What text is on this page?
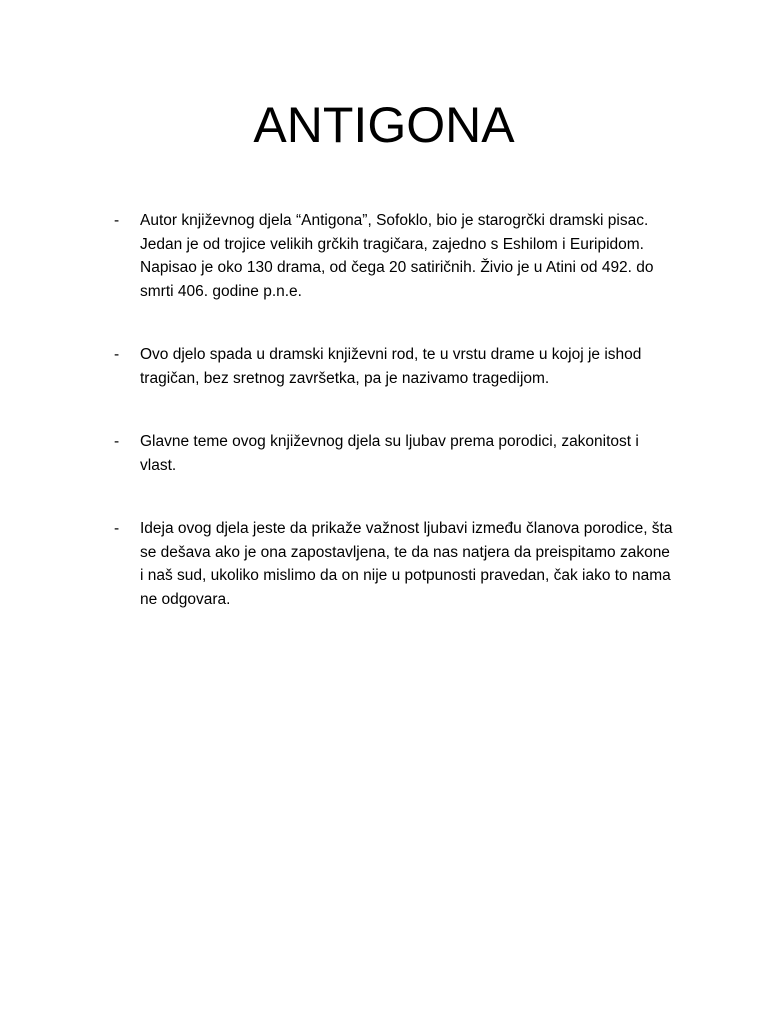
ANTIGONA
- Autor književnog djela “Antigona”, Sofoklo, bio je starogrčki dramski pisac. Jedan je od trojice velikih grčkih tragičara, zajedno s Eshilom i Euripidom. Napisao je oko 130 drama, od čega 20 satiričnih. Živio je u Atini od 492. do smrti 406. godine p.n.e.
- Ovo djelo spada u dramski književni rod, te u vrstu drame u kojoj je ishod tragičan, bez sretnog završetka, pa je nazivamo tragedijom.
- Glavne teme ovog književnog djela su ljubav prema porodici, zakonitost i vlast.
- Ideja ovog djela jeste da prikaže važnost ljubavi između članova porodice, šta se dešava ako je ona zapostavljena, te da nas natjera da preispitamo zakone i naš sud, ukoliko mislimo da on nije u potpunosti pravedan, čak iako to nama ne odgovara.
